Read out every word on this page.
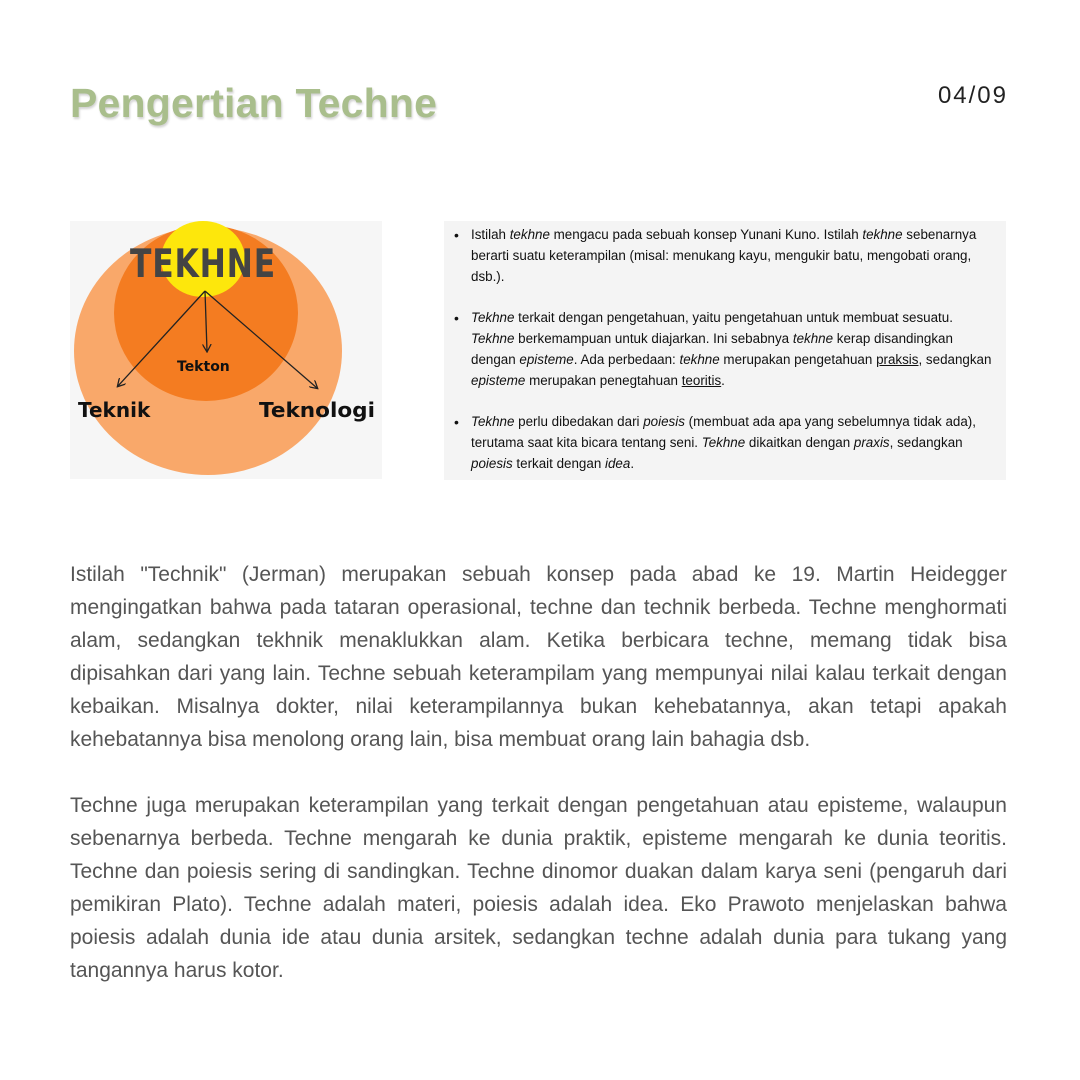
Pengertian Techne	04/09
TEKHNE
Tekton
Teknik	Teknologi
• Istilah tekhne mengacu pada sebuah konsep Yunani Kuno. Istilah tekhne sebenarnya berarti suatu keterampilan (misal: menukang kayu, mengukir batu, mengobati orang, dsb.).
• Tekhne terkait dengan pengetahuan, yaitu pengetahuan untuk membuat sesuatu. Tekhne berkemampuan untuk diajarkan. Ini sebabnya tekhne kerap disandingkan dengan episteme. Ada perbedaan: tekhne merupakan pengetahuan praksis, sedangkan episteme merupakan penegtahuan teoritis.
• Tekhne perlu dibedakan dari poiesis (membuat ada apa yang sebelumnya tidak ada), terutama saat kita bicara tentang seni. Tekhne dikaitkan dengan praxis, sedangkan poiesis terkait dengan idea.

Istilah "Technik" (Jerman) merupakan sebuah konsep pada abad ke 19. Martin Heidegger mengingatkan bahwa pada tataran operasional, techne dan technik berbeda. Techne menghormati alam, sedangkan tekhnik menaklukkan alam. Ketika berbicara techne, memang tidak bisa dipisahkan dari yang lain. Techne sebuah keterampilam yang mempunyai nilai kalau terkait dengan kebaikan. Misalnya dokter, nilai keterampilannya bukan kehebatannya, akan tetapi apakah kehebatannya bisa menolong orang lain, bisa membuat orang lain bahagia dsb.

Techne juga merupakan keterampilan yang terkait dengan pengetahuan atau episteme, walaupun sebenarnya berbeda. Techne mengarah ke dunia praktik, episteme mengarah ke dunia teoritis. Techne dan poiesis sering di sandingkan. Techne dinomor duakan dalam karya seni (pengaruh dari pemikiran Plato). Techne adalah materi, poiesis adalah idea. Eko Prawoto menjelaskan bahwa poiesis adalah dunia ide atau dunia arsitek, sedangkan techne adalah dunia para tukang yang tangannya harus kotor.
